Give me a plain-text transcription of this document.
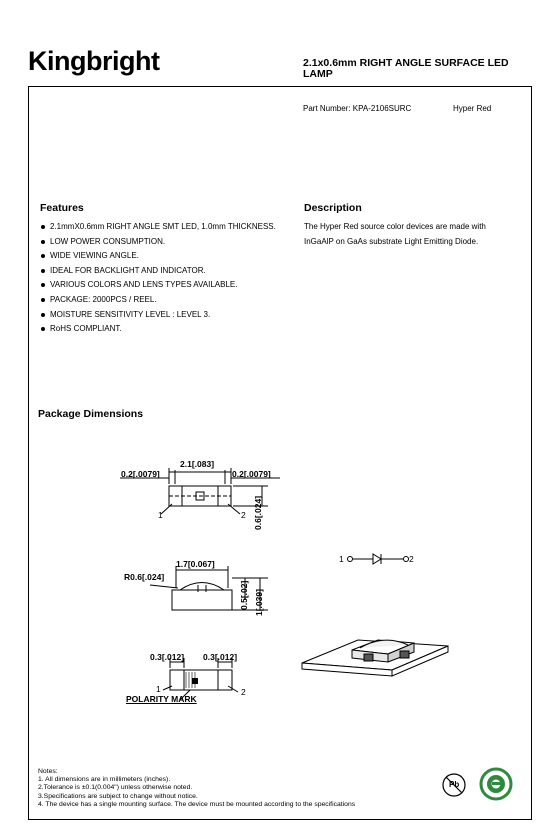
Kingbright	2.1x0.6mm RIGHT ANGLE SURFACE LED LAMP
Part Number: KPA-2106SURC	Hyper Red
Features
2.1mmX0.6mm RIGHT ANGLE SMT LED, 1.0mm THICKNESS.
LOW POWER CONSUMPTION.
WIDE VIEWING ANGLE.
IDEAL FOR BACKLIGHT AND INDICATOR.
VARIOUS COLORS AND LENS TYPES AVAILABLE.
PACKAGE: 2000PCS / REEL.
MOISTURE SENSITIVITY LEVEL : LEVEL 3.
RoHS COMPLIANT.
Description
The Hyper Red source color devices are made with InGaAlP on GaAs substrate Light Emitting Diode.
Package Dimensions
2.1[.083]
0.2[.0079]	0.2[.0079]
0.6[.024]
1	2
1.7[0.067]
R0.6[.024]
0.5[.02] 1[.039]
0.3[.012] 0.3[.012]
1	2
POLARITY MARK
1	2
Pb
Notes:
1. All dimensions are in millimeters (inches).
2.Tolerance is ±0.1(0.004") unless otherwise noted.
3.Specifications are subject to change without notice.
4. The device has a single mounting surface. The device must be mounted according to the specifications
